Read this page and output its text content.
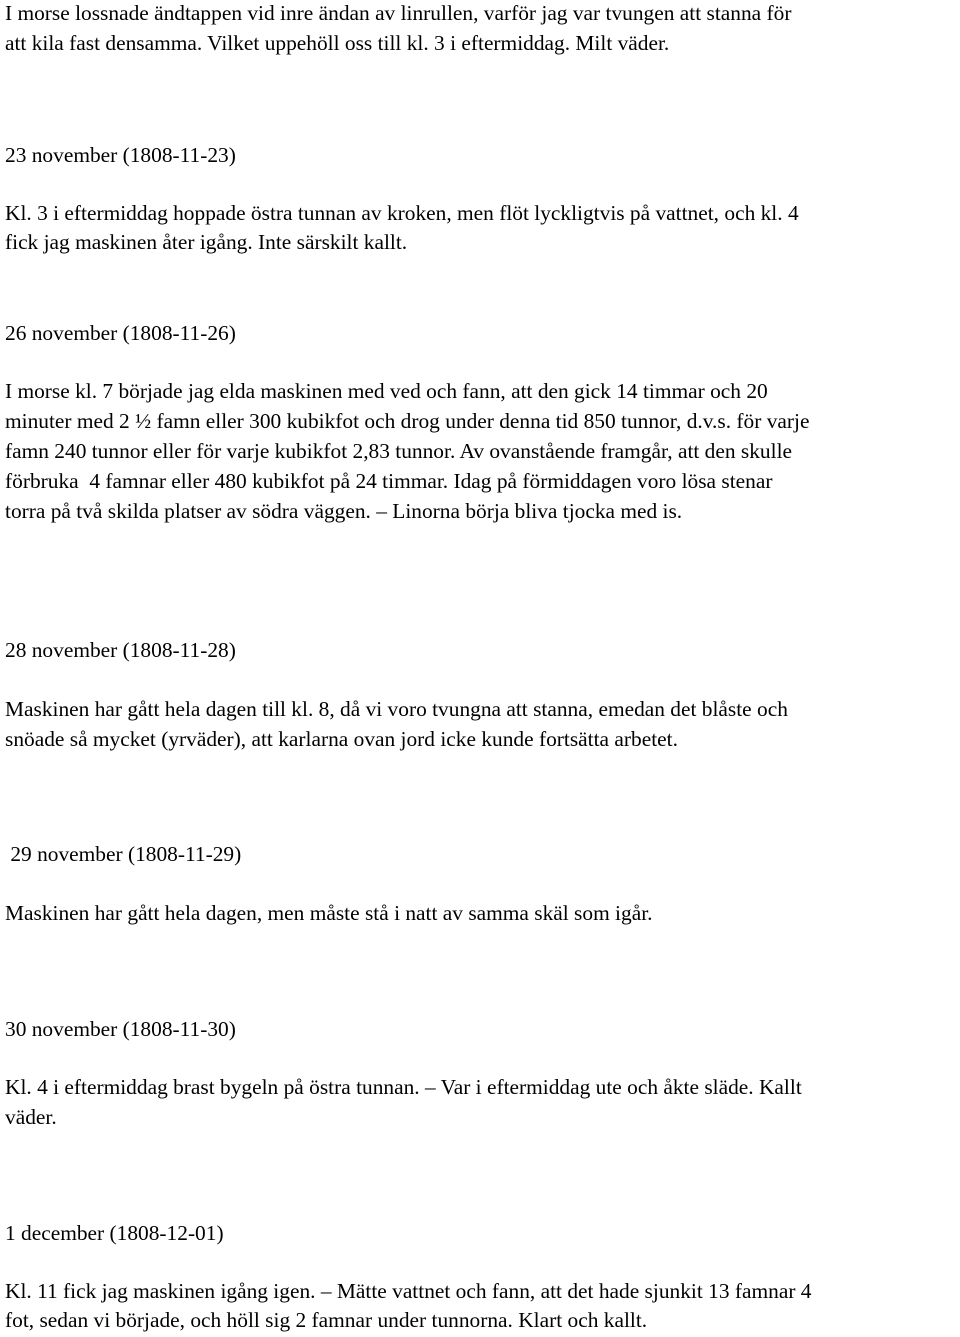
I morse lossnade ändtappen vid inre ändan av linrullen, varför jag var tvungen att stanna för

att kila fast densamma. Vilket uppehöll oss till kl. 3 i eftermiddag. Milt väder.

23 november (1808-11-23)

Kl. 3 i eftermiddag hoppade östra tunnan av kroken, men flöt lyckligtvis på vattnet, och kl. 4

fick jag maskinen åter igång. Inte särskilt kallt.

26 november (1808-11-26)

I morse kl. 7 började jag elda maskinen med ved och fann, att den gick 14 timmar och 20

minuter med 2 ½ famn eller 300 kubikfot och drog under denna tid 850 tunnor, d.v.s. för varje

famn 240 tunnor eller för varje kubikfot 2,83 tunnor. Av ovanstående framgår, att den skulle

förbruka  4 famnar eller 480 kubikfot på 24 timmar. Idag på förmiddagen voro lösa stenar

torra på två skilda platser av södra väggen. – Linorna börja bliva tjocka med is.

28 november (1808-11-28)

Maskinen har gått hela dagen till kl. 8, då vi voro tvungna att stanna, emedan det blåste och

snöade så mycket (yrväder), att karlarna ovan jord icke kunde fortsätta arbetet.

29 november (1808-11-29)

Maskinen har gått hela dagen, men måste stå i natt av samma skäl som igår.

30 november (1808-11-30)

Kl. 4 i eftermiddag brast bygeln på östra tunnan. – Var i eftermiddag ute och åkte släde. Kallt

väder.

1 december (1808-12-01)

Kl. 11 fick jag maskinen igång igen. – Mätte vattnet och fann, att det hade sjunkit 13 famnar 4

fot, sedan vi började, och höll sig 2 famnar under tunnorna. Klart och kallt.
